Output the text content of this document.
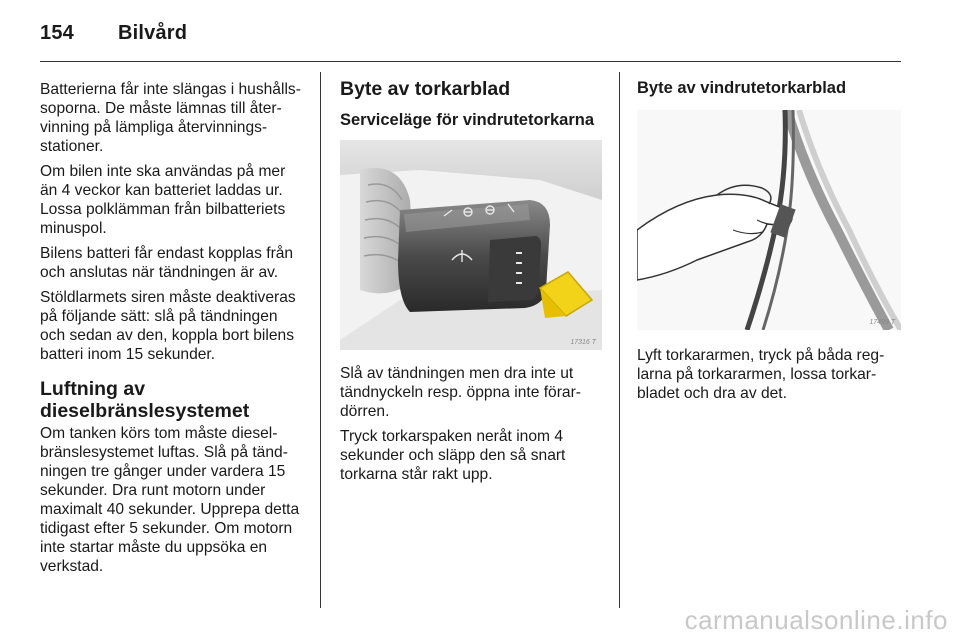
154 Bilvård

Batterierna får inte slängas i hushålls-soporna. De måste lämnas till åter-vinning på lämpliga återvinnings-stationer.

Om bilen inte ska användas på mer än 4 veckor kan batteriet laddas ur. Lossa polklämman från bilbatteriets minuspol.

Bilens batteri får endast kopplas från och anslutas när tändningen är av.

Stöldlarmets siren måste deaktiveras på följande sätt: slå på tändningen och sedan av den, koppla bort bilens batteri inom 15 sekunder.

Luftning av dieselbränslesystemet

Om tanken körs tom måste diesel-bränslesystemet luftas. Slå på tänd-ningen tre gånger under vardera 15 sekunder. Dra runt motorn under maximalt 40 sekunder. Upprepa detta tidigast efter 5 sekunder. Om motorn inte startar måste du uppsöka en verkstad.

Byte av torkarblad
Serviceläge för vindrutetorkarna
17316 T

Slå av tändningen men dra inte ut tändnyckeln resp. öppna inte förar-dörren.

Tryck torkarspaken neråt inom 4 sekunder och släpp den så snart torkarna står rakt upp.

Byte av vindrutetorkarblad
17499 T

Lyft torkararmen, tryck på båda reg-larna på torkararmen, lossa torkar-bladet och dra av det.

carmanualsonline.info
